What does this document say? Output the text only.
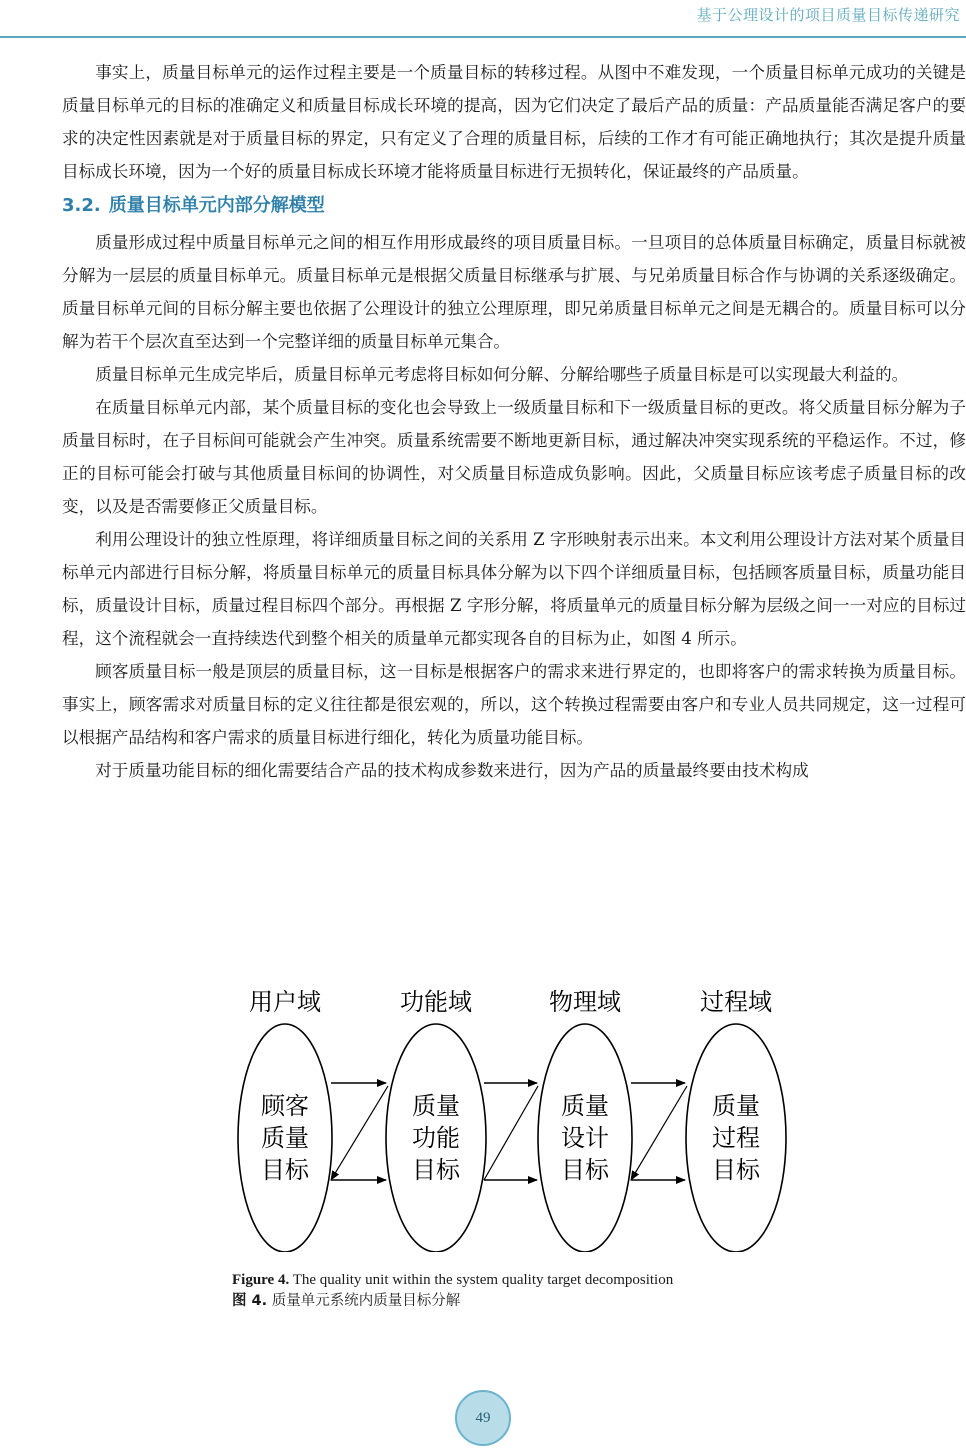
基于公理设计的项目质量目标传递研究

事实上，质量目标单元的运作过程主要是一个质量目标的转移过程。从图中不难发现，一个质量目标单元成功的关键是质量目标单元的目标的准确定义和质量目标成长环境的提高，因为它们决定了最后产品的质量：产品质量能否满足客户的要求的决定性因素就是对于质量目标的界定，只有定义了合理的质量目标，后续的工作才有可能正确地执行；其次是提升质量目标成长环境，因为一个好的质量目标成长环境才能将质量目标进行无损转化，保证最终的产品质量。

3.2. 质量目标单元内部分解模型

质量形成过程中质量目标单元之间的相互作用形成最终的项目质量目标。一旦项目的总体质量目标确定，质量目标就被分解为一层层的质量目标单元。质量目标单元是根据父质量目标继承与扩展、与兄弟质量目标合作与协调的关系逐级确定。质量目标单元间的目标分解主要也依据了公理设计的独立公理原理，即兄弟质量目标单元之间是无耦合的。质量目标可以分解为若干个层次直至达到一个完整详细的质量目标单元集合。

质量目标单元生成完毕后，质量目标单元考虑将目标如何分解、分解给哪些子质量目标是可以实现最大利益的。

在质量目标单元内部，某个质量目标的变化也会导致上一级质量目标和下一级质量目标的更改。将父质量目标分解为子质量目标时，在子目标间可能就会产生冲突。质量系统需要不断地更新目标，通过解决冲突实现系统的平稳运作。不过，修正的目标可能会打破与其他质量目标间的协调性，对父质量目标造成负影响。因此，父质量目标应该考虑子质量目标的改变，以及是否需要修正父质量目标。

利用公理设计的独立性原理，将详细质量目标之间的关系用 Z 字形映射表示出来。本文利用公理设计方法对某个质量目标单元内部进行目标分解，将质量目标单元的质量目标具体分解为以下四个详细质量目标，包括顾客质量目标，质量功能目标，质量设计目标，质量过程目标四个部分。再根据 Z 字形分解，将质量单元的质量目标分解为层级之间一一对应的目标过程，这个流程就会一直持续迭代到整个相关的质量单元都实现各自的目标为止，如图 4 所示。

顾客质量目标一般是顶层的质量目标，这一目标是根据客户的需求来进行界定的，也即将客户的需求转换为质量目标。事实上，顾客需求对质量目标的定义往往都是很宏观的，所以，这个转换过程需要由客户和专业人员共同规定，这一过程可以根据产品结构和客户需求的质量目标进行细化，转化为质量功能目标。

对于质量功能目标的细化需要结合产品的技术构成参数来进行，因为产品的质量最终要由技术构成

用户域	功能域	物理域	过程域
顾客
质量
目标
质量
功能
目标
质量
设计
目标
质量
过程
目标
Figure 4. The quality unit within the system quality target decomposition
图 4. 质量单元系统内质量目标分解
49
